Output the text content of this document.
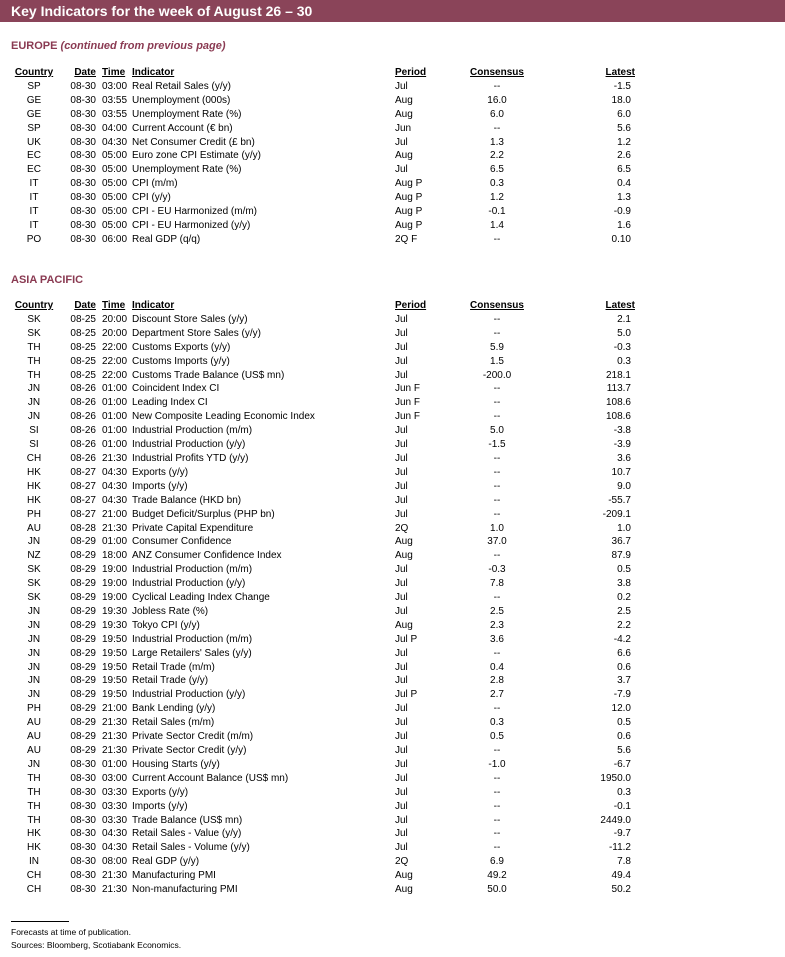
Key Indicators for the week of August 26 – 30
EUROPE (continued from previous page)
Country	Date	Time	Indicator	Period	Consensus	Latest
SP	08-30	03:00	Real Retail Sales (y/y)	Jul	--	-1.5
GE	08-30	03:55	Unemployment (000s)	Aug	16.0	18.0
GE	08-30	03:55	Unemployment Rate (%)	Aug	6.0	6.0
SP	08-30	04:00	Current Account (€ bn)	Jun	--	5.6
UK	08-30	04:30	Net Consumer Credit (£ bn)	Jul	1.3	1.2
EC	08-30	05:00	Euro zone CPI Estimate (y/y)	Aug	2.2	2.6
EC	08-30	05:00	Unemployment Rate (%)	Jul	6.5	6.5
IT	08-30	05:00	CPI (m/m)	Aug P	0.3	0.4
IT	08-30	05:00	CPI (y/y)	Aug P	1.2	1.3
IT	08-30	05:00	CPI - EU Harmonized (m/m)	Aug P	-0.1	-0.9
IT	08-30	05:00	CPI - EU Harmonized (y/y)	Aug P	1.4	1.6
PO	08-30	06:00	Real GDP (q/q)	2Q F	--	0.10
ASIA PACIFIC
Country	Date	Time	Indicator	Period	Consensus	Latest
SK	08-25	20:00	Discount Store Sales (y/y)	Jul	--	2.1
SK	08-25	20:00	Department Store Sales (y/y)	Jul	--	5.0
TH	08-25	22:00	Customs Exports (y/y)	Jul	5.9	-0.3
TH	08-25	22:00	Customs Imports (y/y)	Jul	1.5	0.3
TH	08-25	22:00	Customs Trade Balance (US$ mn)	Jul	-200.0	218.1
JN	08-26	01:00	Coincident Index CI	Jun F	--	113.7
JN	08-26	01:00	Leading Index CI	Jun F	--	108.6
JN	08-26	01:00	New Composite Leading Economic Index	Jun F	--	108.6
SI	08-26	01:00	Industrial Production (m/m)	Jul	5.0	-3.8
SI	08-26	01:00	Industrial Production (y/y)	Jul	-1.5	-3.9
CH	08-26	21:30	Industrial Profits YTD (y/y)	Jul	--	3.6
HK	08-27	04:30	Exports (y/y)	Jul	--	10.7
HK	08-27	04:30	Imports (y/y)	Jul	--	9.0
HK	08-27	04:30	Trade Balance (HKD bn)	Jul	--	-55.7
PH	08-27	21:00	Budget Deficit/Surplus (PHP bn)	Jul	--	-209.1
AU	08-28	21:30	Private Capital Expenditure	2Q	1.0	1.0
JN	08-29	01:00	Consumer Confidence	Aug	37.0	36.7
NZ	08-29	18:00	ANZ Consumer Confidence Index	Aug	--	87.9
SK	08-29	19:00	Industrial Production (m/m)	Jul	-0.3	0.5
SK	08-29	19:00	Industrial Production (y/y)	Jul	7.8	3.8
SK	08-29	19:00	Cyclical Leading Index Change	Jul	--	0.2
JN	08-29	19:30	Jobless Rate (%)	Jul	2.5	2.5
JN	08-29	19:30	Tokyo CPI (y/y)	Aug	2.3	2.2
JN	08-29	19:50	Industrial Production (m/m)	Jul P	3.6	-4.2
JN	08-29	19:50	Large Retailers' Sales (y/y)	Jul	--	6.6
JN	08-29	19:50	Retail Trade (m/m)	Jul	0.4	0.6
JN	08-29	19:50	Retail Trade (y/y)	Jul	2.8	3.7
JN	08-29	19:50	Industrial Production (y/y)	Jul P	2.7	-7.9
PH	08-29	21:00	Bank Lending (y/y)	Jul	--	12.0
AU	08-29	21:30	Retail Sales (m/m)	Jul	0.3	0.5
AU	08-29	21:30	Private Sector Credit (m/m)	Jul	0.5	0.6
AU	08-29	21:30	Private Sector Credit (y/y)	Jul	--	5.6
JN	08-30	01:00	Housing Starts (y/y)	Jul	-1.0	-6.7
TH	08-30	03:00	Current Account Balance (US$ mn)	Jul	--	1950.0
TH	08-30	03:30	Exports (y/y)	Jul	--	0.3
TH	08-30	03:30	Imports (y/y)	Jul	--	-0.1
TH	08-30	03:30	Trade Balance (US$ mn)	Jul	--	2449.0
HK	08-30	04:30	Retail Sales - Value (y/y)	Jul	--	-9.7
HK	08-30	04:30	Retail Sales - Volume (y/y)	Jul	--	-11.2
IN	08-30	08:00	Real GDP (y/y)	2Q	6.9	7.8
CH	08-30	21:30	Manufacturing PMI	Aug	49.2	49.4
CH	08-30	21:30	Non-manufacturing PMI	Aug	50.0	50.2
Forecasts at time of publication.
Sources: Bloomberg, Scotiabank Economics.
